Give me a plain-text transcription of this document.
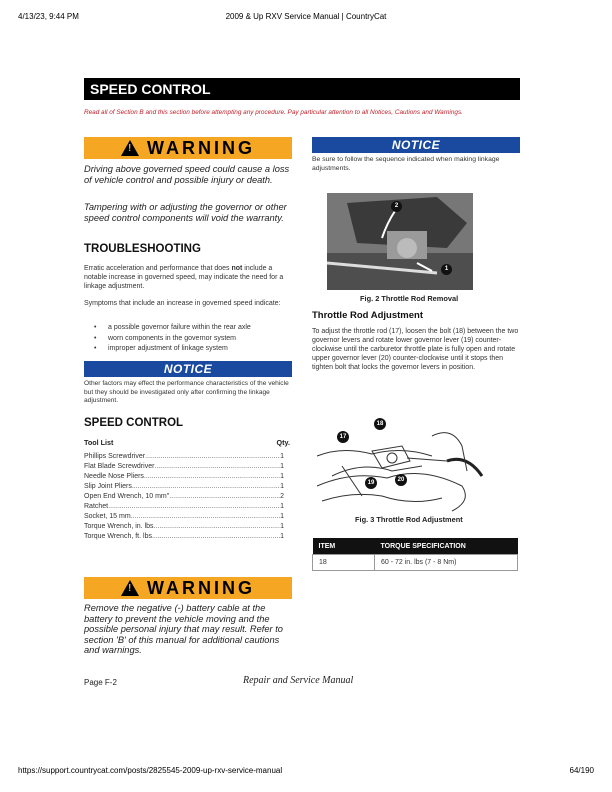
4/13/23, 9:44 PM	2009 & Up RXV Service Manual | CountryCat
SPEED CONTROL
Read all of Section B and this section before attempting any procedure. Pay particular attention to all Notices, Cautions and Warnings.
!
WARNING
Driving above governed speed could cause a loss of vehicle control and possible injury or death.
Tampering with or adjusting the governor or other speed control components will void the warranty.
TROUBLESHOOTING
Erratic acceleration and performance that does not include a notable increase in governed speed, may indicate the need for a linkage adjustment.
Symptoms that include an increase in governed speed indicate:
• a possible governor failure within the rear axle
• worn components in the governor system
• improper adjustment of linkage system
NOTICE
Other factors may effect the performance characteristics of the vehicle but they should be investigated only after confirming the linkage adjustment.
SPEED CONTROL
Tool List	Qty.
Phillips Screwdriver .....	1
Flat Blade Screwdriver .....	1
Needle Nose Pliers .....	1
Slip Joint Pliers .....	1
Open End Wrench, 10 mm" .....	2
Ratchet .....	1
Socket, 15 mm .....	1
Torque Wrench, in. lbs .....	1
Torque Wrench, ft. lbs .....	1
!
WARNING
Remove the negative (-) battery cable at the battery to prevent the vehicle moving and the possible personal injury that may result. Refer to section 'B' of this manual for additional cautions and warnings.
Page F-2	Repair and Service Manual
NOTICE
Be sure to follow the sequence indicated when making linkage adjustments.
2
1
Fig. 2 Throttle Rod Removal
Throttle Rod Adjustment
To adjust the throttle rod (17), loosen the bolt (18) between the two governor levers and rotate lower governor lever (19) counter-clockwise until the carburetor throttle plate is fully open and rotate upper governor lever (20) counter-clockwise until it stops then tighten bolt that locks the governor levers in position.
18
17
19	20
Fig. 3 Throttle Rod Adjustment
ITEM	TORQUE SPECIFICATION
18	60 - 72 in. lbs (7 - 8 Nm)
https://support.countrycat.com/posts/2825545-2009-up-rxv-service-manual	64/190
